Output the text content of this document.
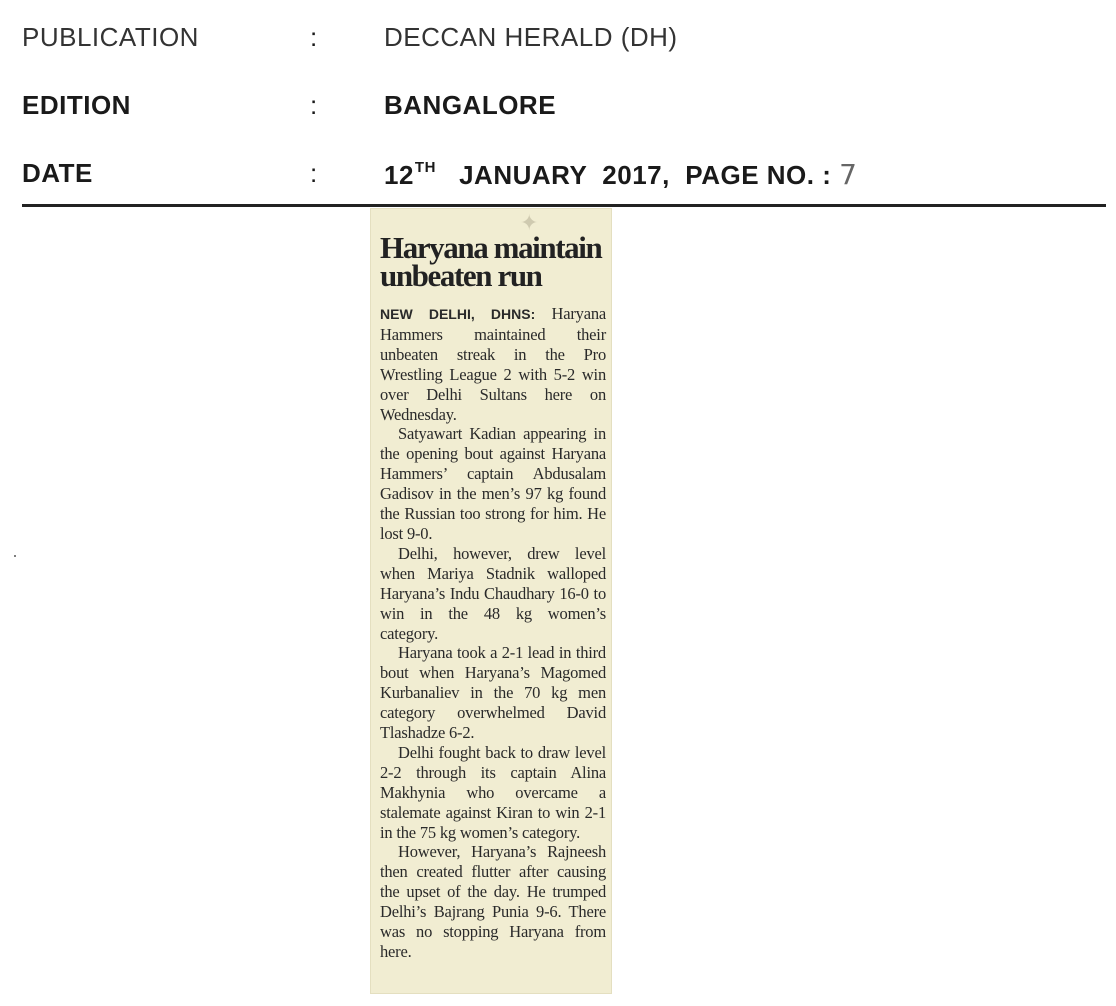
PUBLICATION	:	DECCAN HERALD (DH)
EDITION	:	BANGALORE
DATE	:	12TH JANUARY  2017,  PAGE NO. : 7
✦
Haryana maintain
unbeaten run

NEW DELHI, DHNS: Haryana Hammers maintained their unbeaten streak in the Pro Wrestling League 2 with 5-2 win over Delhi Sultans here on Wednesday.

Satyawart Kadian appearing in the opening bout against Haryana Hammers’ captain Abdusalam Gadisov in the men’s 97 kg found the Russian too strong for him. He lost 9-0.

Delhi, however, drew level when Mariya Stadnik walloped Haryana’s Indu Chaudhary 16-0 to win in the 48 kg women’s category.

Haryana took a 2-1 lead in third bout when Haryana’s Magomed Kurbanaliev in the 70 kg men category overwhelmed David Tlashadze 6-2.

Delhi fought back to draw level 2-2 through its captain Alina Makhynia who overcame a stalemate against Kiran to win 2-1 in the 75 kg women’s category.

However, Haryana’s Rajneesh then created flutter after causing the upset of the day. He trumped Delhi’s Bajrang Punia 9-6. There was no stopping Haryana from here.
